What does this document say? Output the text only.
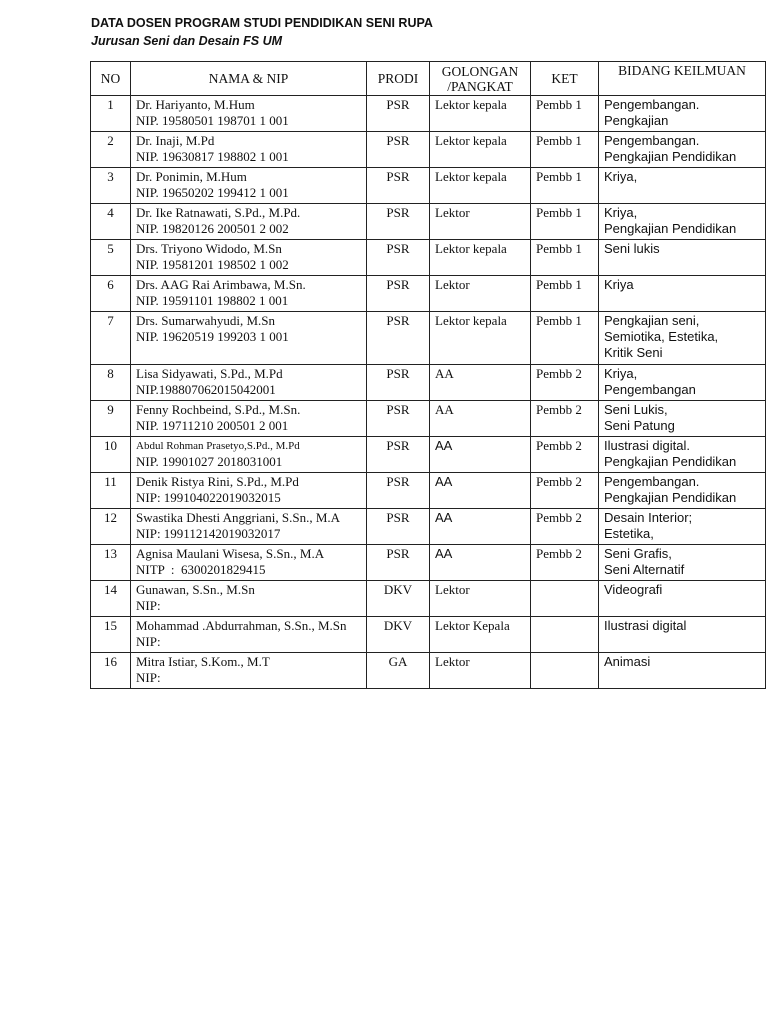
DATA DOSEN PROGRAM STUDI PENDIDIKAN SENI RUPA
Jurusan Seni dan Desain FS UM
NO	NAMA & NIP	PRODI	GOLONGAN
/PANGKAT	KET	BIDANG KEILMUAN
1	Dr. Hariyanto, M.Hum
NIP. 19580501 198701 1 001	PSR	Lektor kepala	Pembb 1	Pengembangan.
Pengkajian

2	Dr. Inaji, M.Pd
NIP. 19630817 198802 1 001	PSR	Lektor kepala	Pembb 1	Pengembangan.
Pengkajian Pendidikan

3	Dr. Ponimin, M.Hum
NIP. 19650202 199412 1 001	PSR	Lektor kepala	Pembb 1	Kriya,

4	Dr. Ike Ratnawati, S.Pd., M.Pd.
NIP. 19820126 200501 2 002	PSR	Lektor	Pembb 1	Kriya,
Pengkajian Pendidikan

5	Drs. Triyono Widodo, M.Sn
NIP. 19581201 198502 1 002	PSR	Lektor kepala	Pembb 1	Seni lukis

6	Drs. AAG Rai Arimbawa, M.Sn.
NIP. 19591101 198802 1 001	PSR	Lektor	Pembb 1	Kriya

7	Drs. Sumarwahyudi, M.Sn
NIP. 19620519 199203 1 001	PSR	Lektor kepala	Pembb 1	Pengkajian seni,
Semiotika, Estetika,
Kritik Seni

8	Lisa Sidyawati, S.Pd., M.Pd
NIP.198807062015042001	PSR	AA	Pembb 2	Kriya,
Pengembangan

9	Fenny Rochbeind, S.Pd., M.Sn.
NIP. 19711210 200501 2 001	PSR	AA	Pembb 2	Seni Lukis,
Seni Patung

10	Abdul Rohman Prasetyo,S.Pd., M.Pd
NIP. 19901027 2018031001	PSR	AA	Pembb 2	Ilustrasi digital.
Pengkajian Pendidikan

11	Denik Ristya Rini, S.Pd., M.Pd
NIP: 199104022019032015	PSR	AA	Pembb 2	Pengembangan.
Pengkajian Pendidikan

12	Swastika Dhesti Anggriani, S.Sn., M.A
NIP: 199112142019032017	PSR	AA	Pembb 2	Desain Interior;
Estetika,

13	Agnisa Maulani Wisesa, S.Sn., M.A
NITP  :  6300201829415	PSR	AA	Pembb 2	Seni Grafis,
Seni Alternatif

14	Gunawan, S.Sn., M.Sn
NIP:	DKV	Lektor		Videografi

15	Mohammad .Abdurrahman, S.Sn., M.Sn
NIP:	DKV	Lektor Kepala		Ilustrasi digital

16	Mitra Istiar, S.Kom., M.T
NIP:	GA	Lektor		Animasi
